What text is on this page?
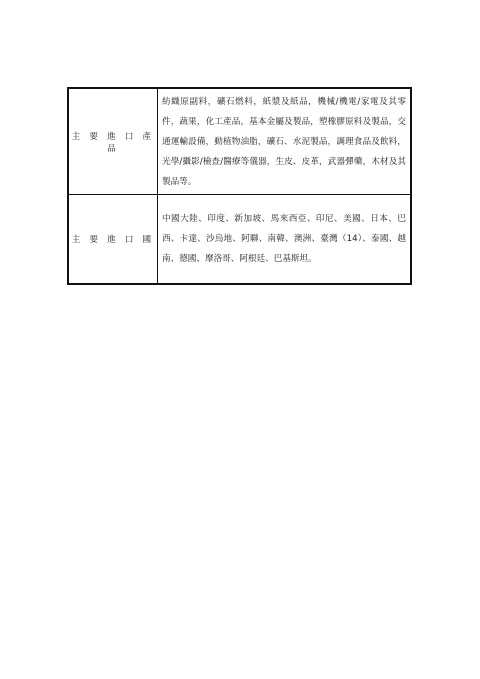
主 要 進 口 產 品	紡織原副料，礦石燃料，紙漿及紙品，機械/機電/家電及其零件，蔬果，化工產品，基本金屬及製品，塑橡膠原料及製品，交通運輸設備，動植物油脂，礦石、水泥製品，調理食品及飲料，光學/攝影/檢查/醫療等儀器，生皮、皮革，武器彈藥，木材及其製品等。
主 要 進 口 國	中國大陸、印度、新加坡、馬來西亞、印尼、美國、日本、巴西、卡達、沙烏地、阿聯、南韓、澳洲、臺灣（14）、泰國、越南、德國、摩洛哥、阿根廷、巴基斯坦。
